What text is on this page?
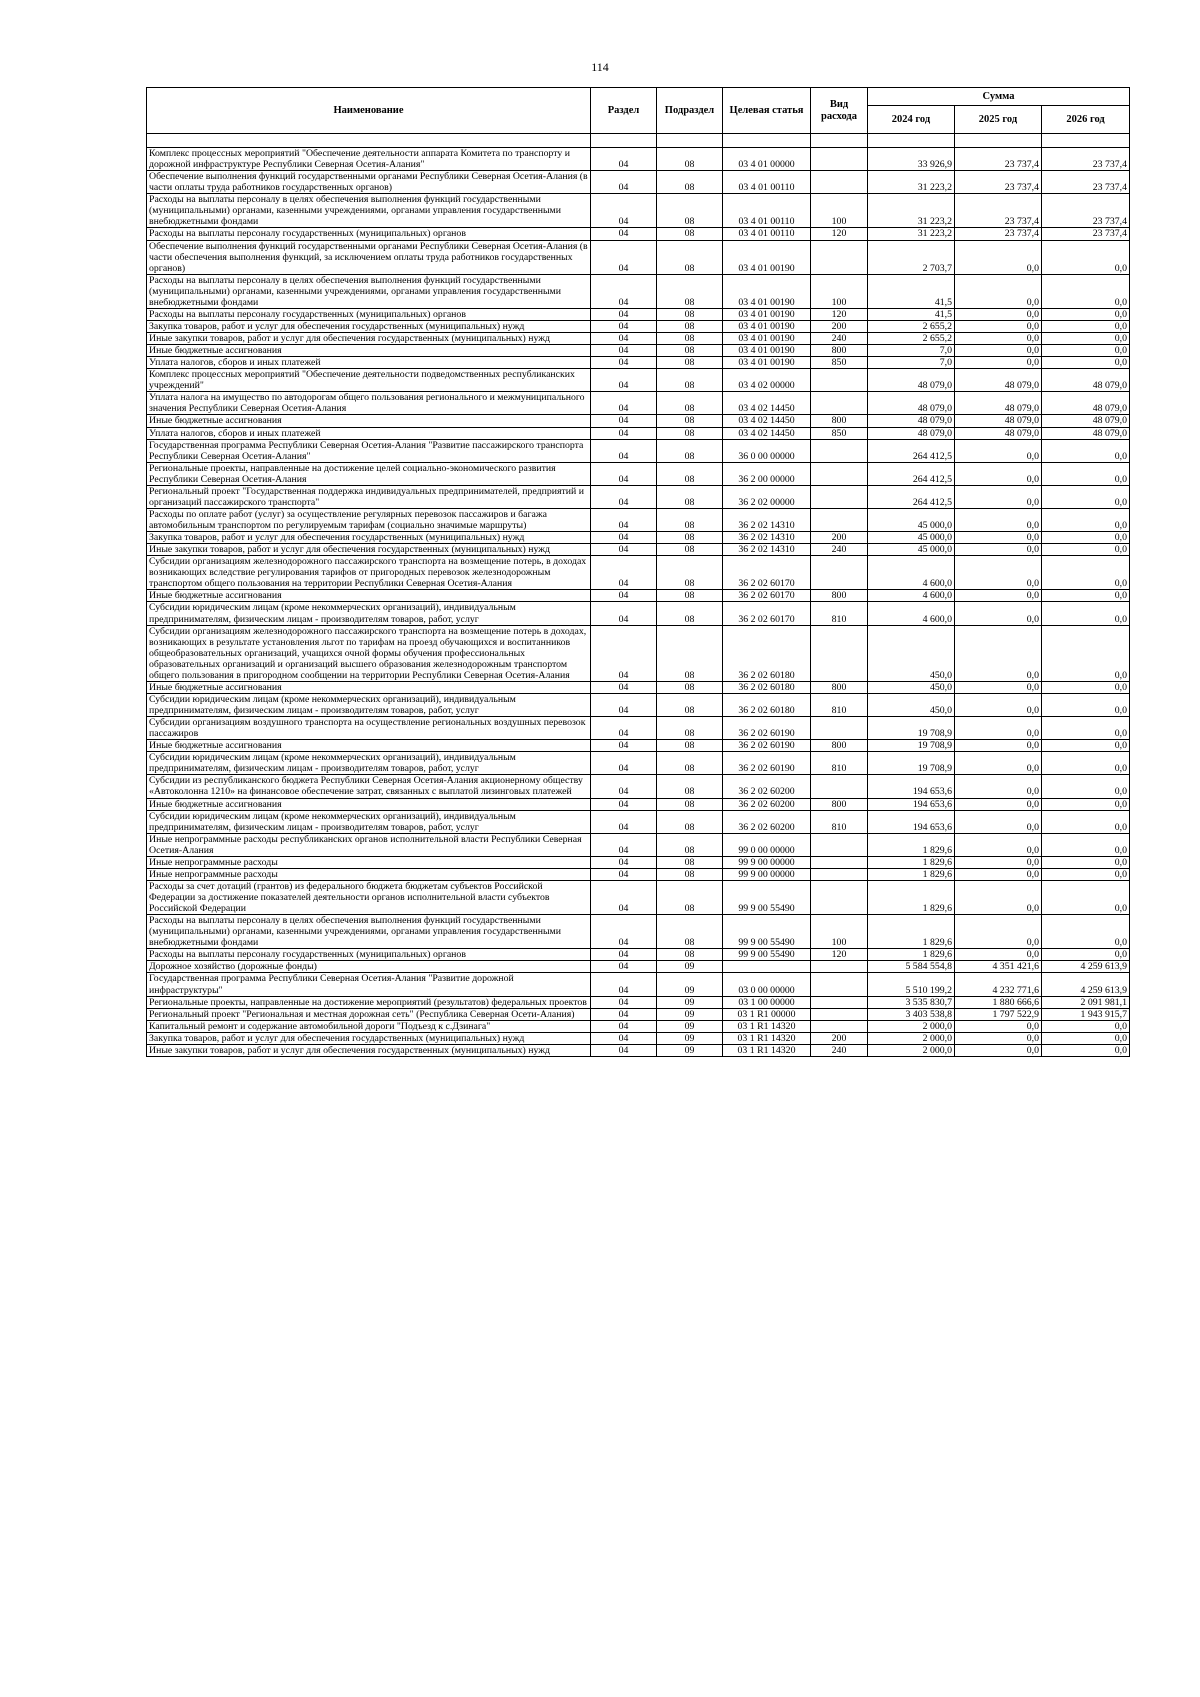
114
Наименование	Раздел	Подраздел	Целевая статья	Вид расхода	Сумма		
					2024 год	2025 год	2026 год

Комплекс процессных мероприятий "Обеспечение деятельности аппарата Комитета по транспорту и дорожной инфраструктуре Республики Северная Осетия-Алания"	04	08	03 4 01 00000		33 926,9	23 737,4	23 737,4
Обеспечение выполнения функций государственными органами Республики Северная Осетия-Алания (в части оплаты труда работников государственных органов)	04	08	03 4 01 00110		31 223,2	23 737,4	23 737,4
Расходы на выплаты персоналу в целях обеспечения выполнения функций государственными (муниципальными) органами, казенными учреждениями, органами управления государственными внебюджетными фондами	04	08	03 4 01 00110	100	31 223,2	23 737,4	23 737,4
Расходы на выплаты персоналу государственных (муниципальных) органов	04	08	03 4 01 00110	120	31 223,2	23 737,4	23 737,4
Обеспечение выполнения функций государственными органами Республики Северная Осетия-Алания (в части обеспечения выполнения функций, за исключением оплаты труда работников государственных органов)	04	08	03 4 01 00190		2 703,7	0,0	0,0
Расходы на выплаты персоналу в целях обеспечения выполнения функций государственными (муниципальными) органами, казенными учреждениями, органами управления государственными внебюджетными фондами	04	08	03 4 01 00190	100	41,5	0,0	0,0
Расходы на выплаты персоналу государственных (муниципальных) органов	04	08	03 4 01 00190	120	41,5	0,0	0,0
Закупка товаров, работ и услуг для обеспечения государственных (муниципальных) нужд	04	08	03 4 01 00190	200	2 655,2	0,0	0,0
Иные закупки товаров, работ и услуг для обеспечения государственных (муниципальных) нужд	04	08	03 4 01 00190	240	2 655,2	0,0	0,0
Иные бюджетные ассигнования	04	08	03 4 01 00190	800	7,0	0,0	0,0
Уплата налогов, сборов и иных платежей	04	08	03 4 01 00190	850	7,0	0,0	0,0
Комплекс процессных мероприятий "Обеспечение деятельности подведомственных республиканских учреждений"	04	08	03 4 02 00000		48 079,0	48 079,0	48 079,0
Уплата налога на имущество по автодорогам общего пользования регионального и межмуниципального значения Республики Северная Осетия-Алания	04	08	03 4 02 14450		48 079,0	48 079,0	48 079,0
Иные бюджетные ассигнования	04	08	03 4 02 14450	800	48 079,0	48 079,0	48 079,0
Уплата налогов, сборов и иных платежей	04	08	03 4 02 14450	850	48 079,0	48 079,0	48 079,0
Государственная программа Республики Северная Осетия-Алания "Развитие пассажирского транспорта Республики Северная Осетия-Алания"	04	08	36 0 00 00000		264 412,5	0,0	0,0
Региональные проекты, направленные на достижение целей социально-экономического развития Республики Северная Осетия-Алания	04	08	36 2 00 00000		264 412,5	0,0	0,0
Региональный проект "Государственная поддержка индивидуальных предпринимателей, предприятий и организаций пассажирского транспорта"	04	08	36 2 02 00000		264 412,5	0,0	0,0
Расходы по оплате работ (услуг) за осуществление регулярных перевозок пассажиров и багажа автомобильным транспортом по регулируемым тарифам (социально значимые маршруты)	04	08	36 2 02 14310		45 000,0	0,0	0,0
Закупка товаров, работ и услуг для обеспечения государственных (муниципальных) нужд	04	08	36 2 02 14310	200	45 000,0	0,0	0,0
Иные закупки товаров, работ и услуг для обеспечения государственных (муниципальных) нужд	04	08	36 2 02 14310	240	45 000,0	0,0	0,0
Субсидии организациям железнодорожного пассажирского транспорта на возмещение потерь, в доходах возникающих вследствие регулирования тарифов от пригородных перевозок железнодорожным транспортом общего пользования на территории Республики Северная Осетия-Алания	04	08	36 2 02 60170		4 600,0	0,0	0,0
Иные бюджетные ассигнования	04	08	36 2 02 60170	800	4 600,0	0,0	0,0
Субсидии юридическим лицам (кроме некоммерческих организаций), индивидуальным предпринимателям, физическим лицам - производителям товаров, работ, услуг	04	08	36 2 02 60170	810	4 600,0	0,0	0,0
Субсидии организациям железнодорожного пассажирского транспорта на возмещение потерь в доходах, возникающих в результате установления льгот по тарифам на проезд обучающихся и воспитанников общеобразовательных организаций, учащихся очной формы обучения профессиональных образовательных организаций и организаций высшего образования железнодорожным транспортом общего пользования в пригородном сообщении на территории Республики Северная Осетия-Алания	04	08	36 2 02 60180		450,0	0,0	0,0
Иные бюджетные ассигнования	04	08	36 2 02 60180	800	450,0	0,0	0,0
Субсидии юридическим лицам (кроме некоммерческих организаций), индивидуальным предпринимателям, физическим лицам - производителям товаров, работ, услуг	04	08	36 2 02 60180	810	450,0	0,0	0,0
Субсидии организациям воздушного транспорта на осуществление региональных воздушных перевозок пассажиров	04	08	36 2 02 60190		19 708,9	0,0	0,0
Иные бюджетные ассигнования	04	08	36 2 02 60190	800	19 708,9	0,0	0,0
Субсидии юридическим лицам (кроме некоммерческих организаций), индивидуальным предпринимателям, физическим лицам - производителям товаров, работ, услуг	04	08	36 2 02 60190	810	19 708,9	0,0	0,0
Субсидии из республиканского бюджета Республики Северная Осетия-Алания акционерному обществу «Автоколонна 1210» на финансовое обеспечение затрат, связанных с выплатой лизинговых платежей	04	08	36 2 02 60200		194 653,6	0,0	0,0
Иные бюджетные ассигнования	04	08	36 2 02 60200	800	194 653,6	0,0	0,0
Субсидии юридическим лицам (кроме некоммерческих организаций), индивидуальным предпринимателям, физическим лицам - производителям товаров, работ, услуг	04	08	36 2 02 60200	810	194 653,6	0,0	0,0
Иные непрограммные расходы республиканских органов исполнительной власти Республики Северная Осетия-Алания	04	08	99 0 00 00000		1 829,6	0,0	0,0
Иные непрограммные расходы	04	08	99 9 00 00000		1 829,6	0,0	0,0
Иные непрограммные расходы	04	08	99 9 00 00000		1 829,6	0,0	0,0
Расходы за счет дотаций (грантов) из федерального бюджета бюджетам субъектов Российской Федерации за достижение показателей деятельности органов исполнительной власти субъектов Российской Федерации	04	08	99 9 00 55490		1 829,6	0,0	0,0
Расходы на выплаты персоналу в целях обеспечения выполнения функций государственными (муниципальными) органами, казенными учреждениями, органами управления государственными внебюджетными фондами	04	08	99 9 00 55490	100	1 829,6	0,0	0,0
Расходы на выплаты персоналу государственных (муниципальных) органов	04	08	99 9 00 55490	120	1 829,6	0,0	0,0
Дорожное хозяйство (дорожные фонды)	04	09			5 584 554,8	4 351 421,6	4 259 613,9
Государственная программа Республики Северная Осетия-Алания "Развитие дорожной инфраструктуры"	04	09	03 0 00 00000		5 510 199,2	4 232 771,6	4 259 613,9
Региональные проекты, направленные на достижение мероприятий (результатов) федеральных проектов	04	09	03 1 00 00000		3 535 830,7	1 880 666,6	2 091 981,1
Региональный проект "Региональная и местная дорожная сеть" (Республика Северная Осети-Алания)	04	09	03 1 R1 00000		3 403 538,8	1 797 522,9	1 943 915,7
Капитальный ремонт и содержание автомобильной дороги "Подъезд к с.Дзинага"	04	09	03 1 R1 14320		2 000,0	0,0	0,0
Закупка товаров, работ и услуг для обеспечения государственных (муниципальных) нужд	04	09	03 1 R1 14320	200	2 000,0	0,0	0,0
Иные закупки товаров, работ и услуг для обеспечения государственных (муниципальных) нужд	04	09	03 1 R1 14320	240	2 000,0	0,0	0,0
